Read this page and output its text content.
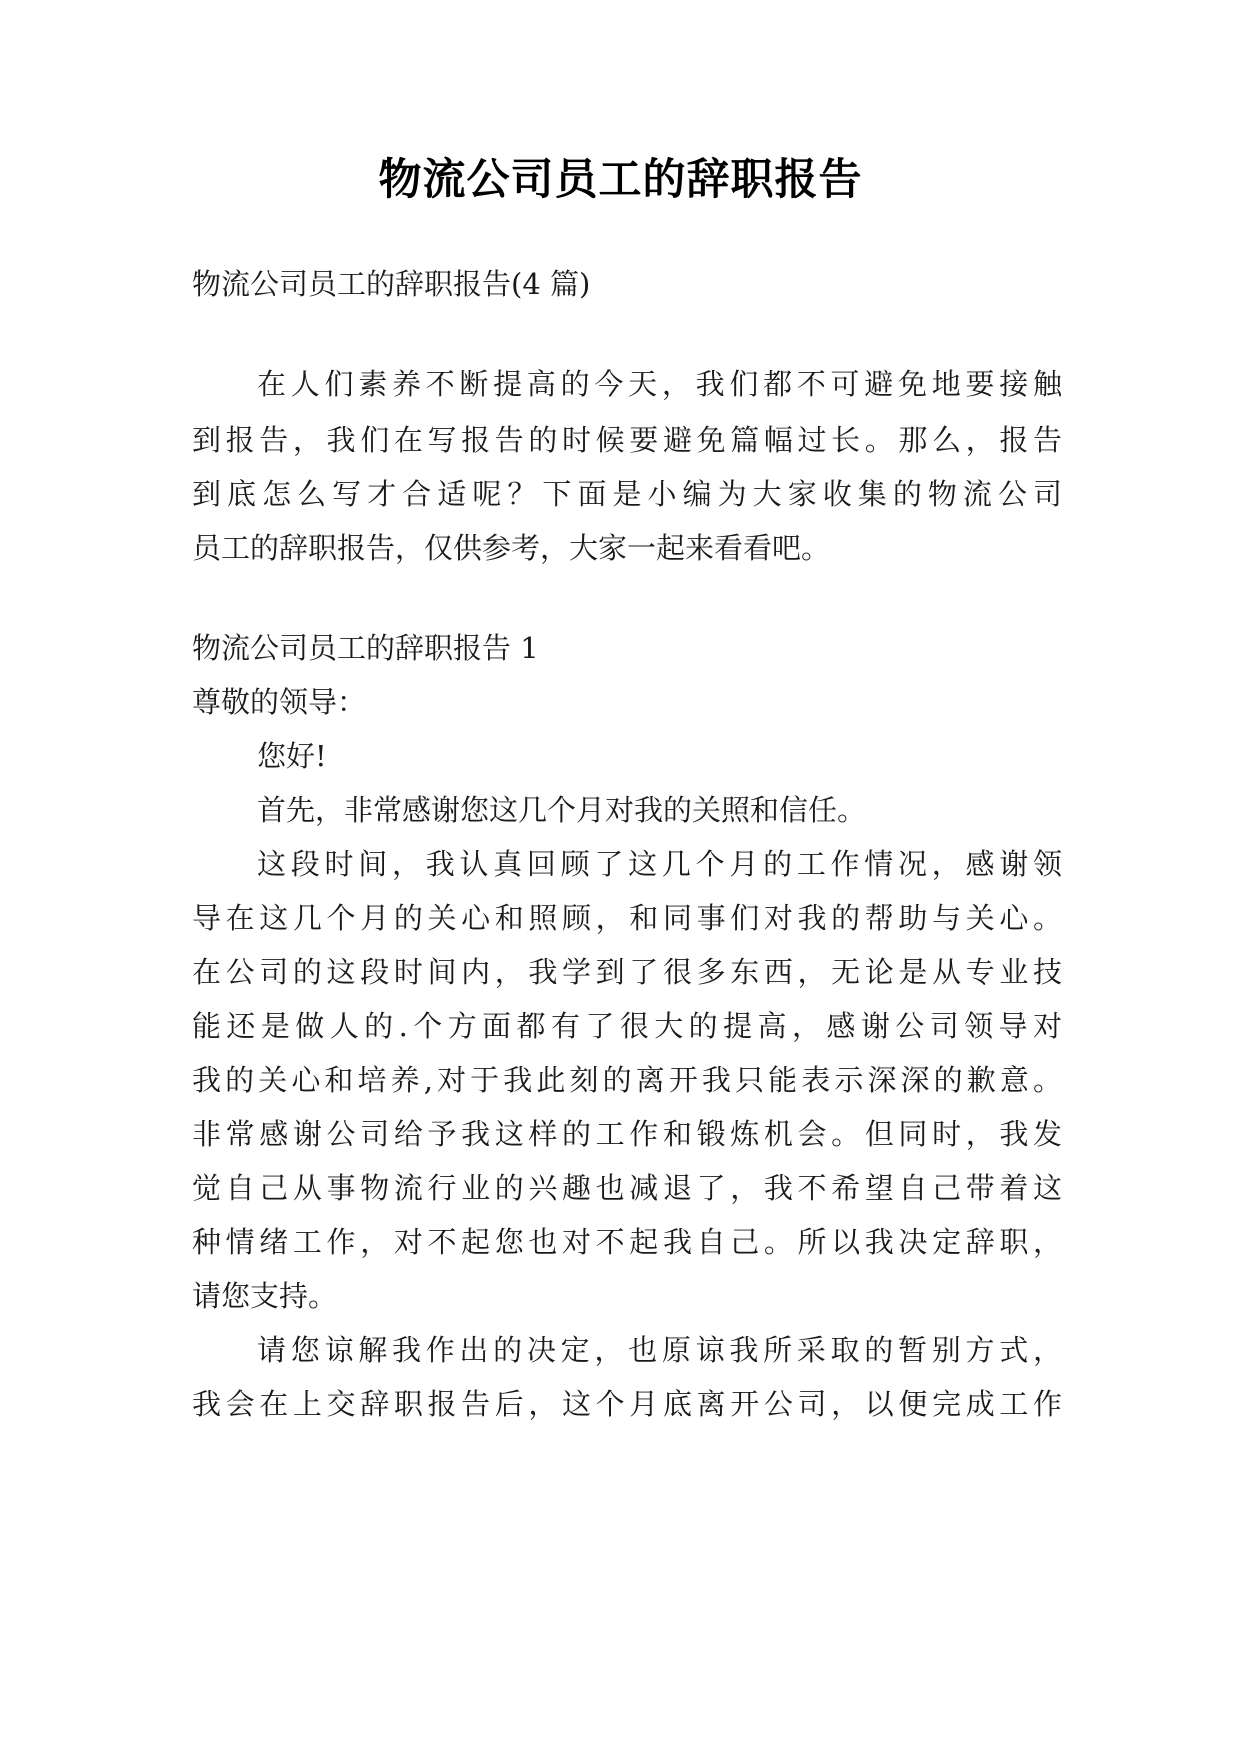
物流公司员工的辞职报告
物流公司员工的辞职报告(4 篇)
在人们素养不断提高的今天，我们都不可避免地要接触
到报告，我们在写报告的时候要避免篇幅过长。那么，报告
到底怎么写才合适呢？下面是小编为大家收集的物流公司
员工的辞职报告，仅供参考，大家一起来看看吧。
物流公司员工的辞职报告 1
尊敬的领导：
您好!
首先，非常感谢您这几个月对我的关照和信任。
这段时间，我认真回顾了这几个月的工作情况，感谢领
导在这几个月的关心和照顾，和同事们对我的帮助与关心。
在公司的这段时间内，我学到了很多东西，无论是从专业技
能还是做人的.个方面都有了很大的提高，感谢公司领导对
我的关心和培养,对于我此刻的离开我只能表示深深的歉意。
非常感谢公司给予我这样的工作和锻炼机会。但同时，我发
觉自己从事物流行业的兴趣也减退了，我不希望自己带着这
种情绪工作，对不起您也对不起我自己。所以我决定辞职，
请您支持。
请您谅解我作出的决定，也原谅我所采取的暂别方式，
我会在上交辞职报告后，这个月底离开公司，以便完成工作
